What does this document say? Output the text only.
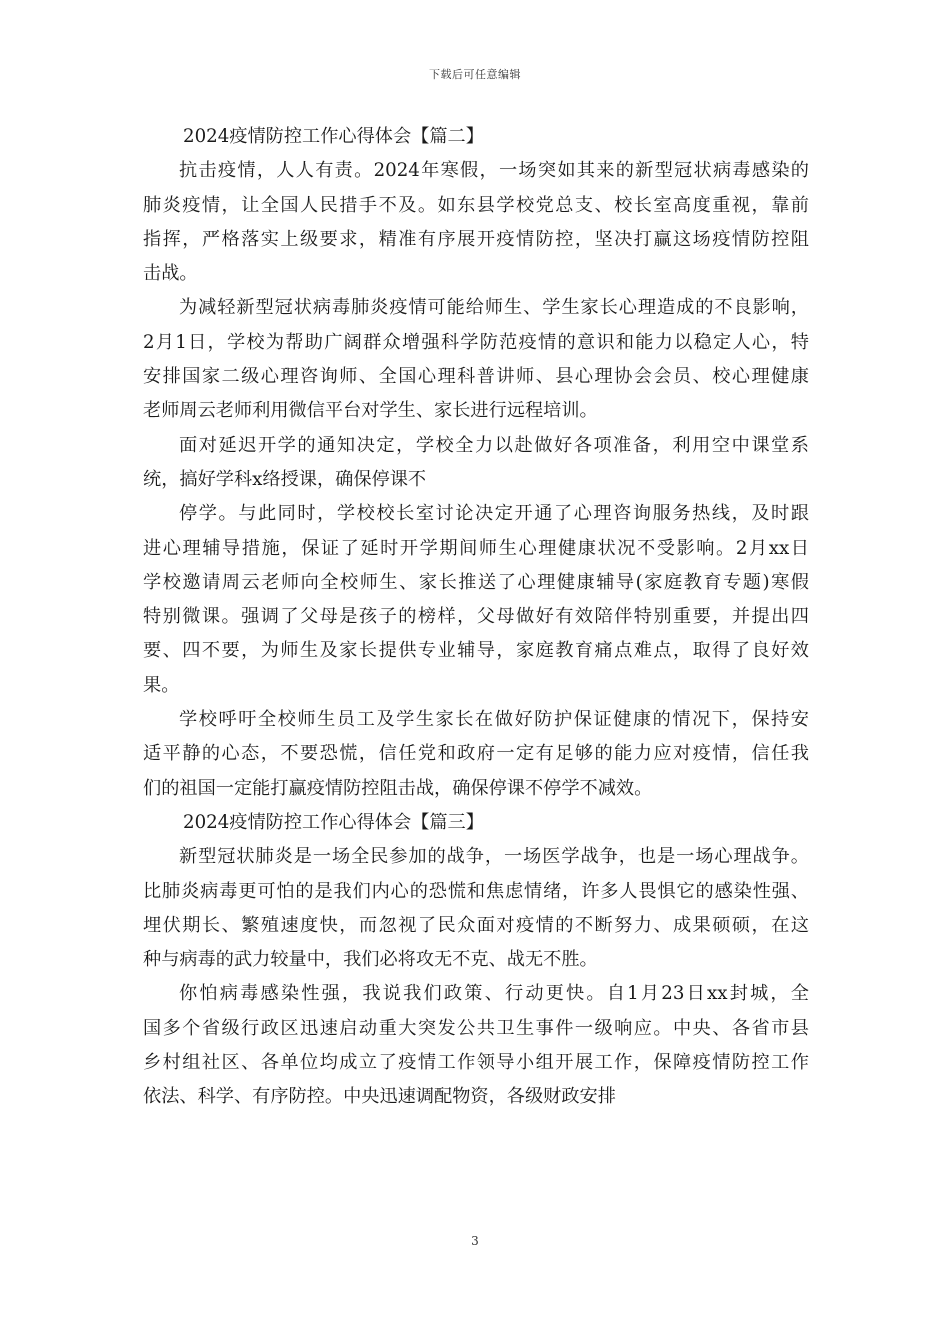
下载后可任意编辑
2024疫情防控工作心得体会【篇二】
抗击疫情，人人有责。2024年寒假，一场突如其来的新型冠状病毒感染的
肺炎疫情，让全国人民措手不及。如东县学校党总支、校长室高度重视，靠前
指挥，严格落实上级要求，精准有序展开疫情防控，坚决打赢这场疫情防控阻
击战。
为减轻新型冠状病毒肺炎疫情可能给师生、学生家长心理造成的不良影响，
2月1日，学校为帮助广阔群众增强科学防范疫情的意识和能力以稳定人心，特
安排国家二级心理咨询师、全国心理科普讲师、县心理协会会员、校心理健康
老师周云老师利用微信平台对学生、家长进行远程培训。
面对延迟开学的通知决定，学校全力以赴做好各项准备，利用空中课堂系
统，搞好学科x络授课，确保停课不
停学。与此同时，学校校长室讨论决定开通了心理咨询服务热线，及时跟
进心理辅导措施，保证了延时开学期间师生心理健康状况不受影响。2月xx日
学校邀请周云老师向全校师生、家长推送了心理健康辅导(家庭教育专题)寒假
特别微课。强调了父母是孩子的榜样，父母做好有效陪伴特别重要，并提出四
要、四不要，为师生及家长提供专业辅导，家庭教育痛点难点，取得了良好效
果。
学校呼吁全校师生员工及学生家长在做好防护保证健康的情况下，保持安
适平静的心态，不要恐慌，信任党和政府一定有足够的能力应对疫情，信任我
们的祖国一定能打赢疫情防控阻击战，确保停课不停学不减效。
2024疫情防控工作心得体会【篇三】
新型冠状肺炎是一场全民参加的战争，一场医学战争，也是一场心理战争。
比肺炎病毒更可怕的是我们内心的恐慌和焦虑情绪，许多人畏惧它的感染性强、
埋伏期长、繁殖速度快，而忽视了民众面对疫情的不断努力、成果硕硕，在这
种与病毒的武力较量中，我们必将攻无不克、战无不胜。
你怕病毒感染性强，我说我们政策、行动更快。自1月23日xx封城，全
国多个省级行政区迅速启动重大突发公共卫生事件一级响应。中央、各省市县
乡村组社区、各单位均成立了疫情工作领导小组开展工作，保障疫情防控工作
依法、科学、有序防控。中央迅速调配物资，各级财政安排
3
